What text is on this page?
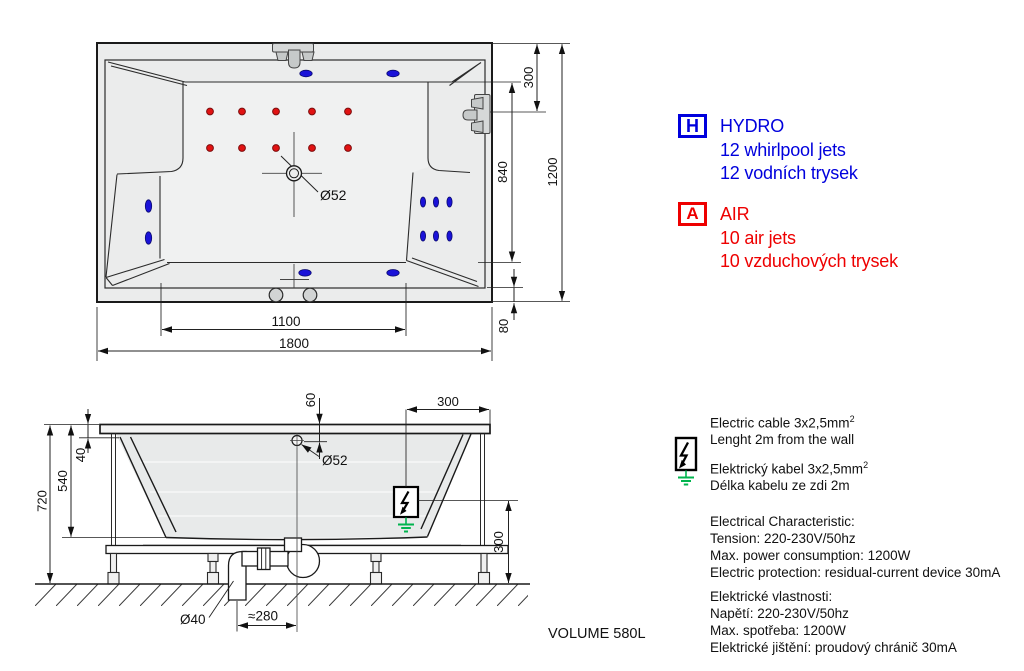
Ø52
1200
840
300
80
1100
1800
720
540
40
60	300
300
Ø52
Ø40	≈280
H HYDRO
12 whirlpool jets
12 vodních trysek
A AIR
10 air jets
10 vzduchových trysek

Electric cable $3x2,5mm^2$
Lenght 2m from the wall

Elektrický kabel $3x2,5mm^2$
Délka kabelu ze zdi 2m

Electrical Characteristic:
Tension: 220-230V/50hz
Max. power consumption: 1200W
Electric protection: residual-current device 30mA

Elektrické vlastnosti:
Napětí: 220-230V/50hz
Max. spotřeba: 1200W
Elektrické jištění: proudový chránič 30mA

VOLUME 580L
